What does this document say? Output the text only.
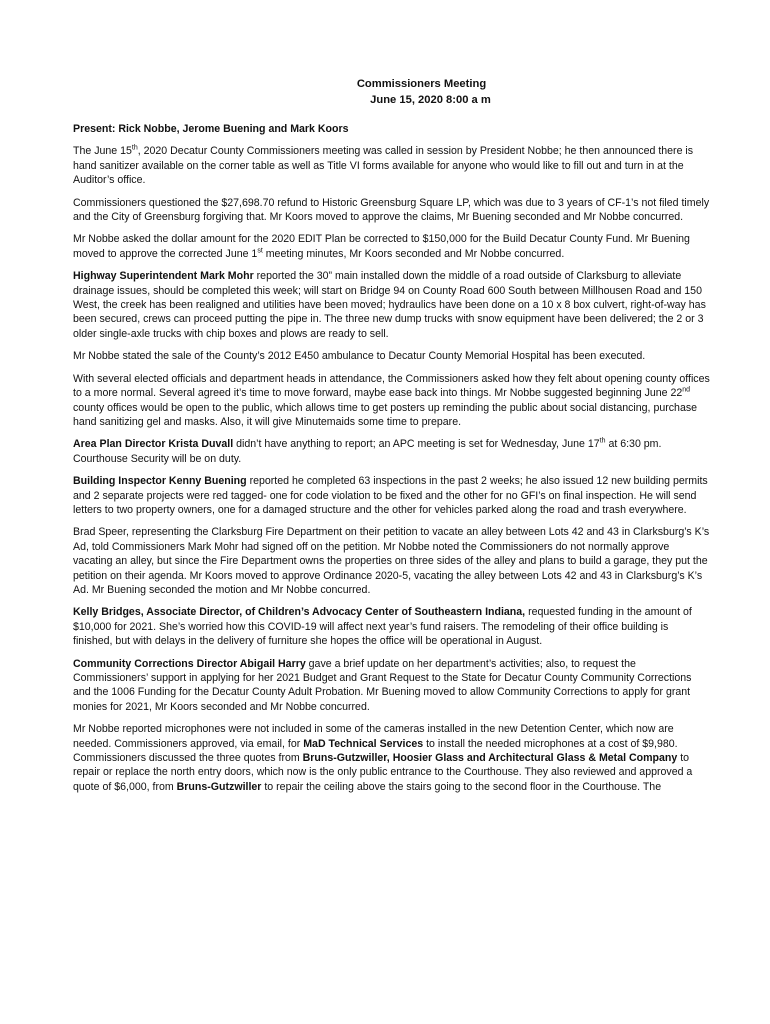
Commissioners Meeting
June 15, 2020 8:00 a m

Present: Rick Nobbe, Jerome Buening and Mark Koors

The June 15th, 2020 Decatur County Commissioners meeting was called in session by President Nobbe; he then announced there is hand sanitizer available on the corner table as well as Title VI forms available for anyone who would like to fill out and turn in at the Auditor’s office.

Commissioners questioned the $27,698.70 refund to Historic Greensburg Square LP, which was due to 3 years of CF-1’s not filed timely and the City of Greensburg forgiving that. Mr Koors moved to approve the claims, Mr Buening seconded and Mr Nobbe concurred.

Mr Nobbe asked the dollar amount for the 2020 EDIT Plan be corrected to $150,000 for the Build Decatur County Fund. Mr Buening moved to approve the corrected June 1st meeting minutes, Mr Koors seconded and Mr Nobbe concurred.

Highway Superintendent Mark Mohr reported the 30” main installed down the middle of a road outside of Clarksburg to alleviate drainage issues, should be completed this week; will start on Bridge 94 on County Road 600 South between Millhousen Road and 150 West, the creek has been realigned and utilities have been moved; hydraulics have been done on a 10 x 8 box culvert, right-of-way has been secured, crews can proceed putting the pipe in. The three new dump trucks with snow equipment have been delivered; the 2 or 3 older single-axle trucks with chip boxes and plows are ready to sell.

Mr Nobbe stated the sale of the County’s 2012 E450 ambulance to Decatur County Memorial Hospital has been executed.

With several elected officials and department heads in attendance, the Commissioners asked how they felt about opening county offices to a more normal. Several agreed it’s time to move forward, maybe ease back into things. Mr Nobbe suggested beginning June 22nd county offices would be open to the public, which allows time to get posters up reminding the public about social distancing, purchase hand sanitizing gel and masks. Also, it will give Minutemaids some time to prepare.

Area Plan Director Krista Duvall didn’t have anything to report; an APC meeting is set for Wednesday, June 17th at 6:30 pm. Courthouse Security will be on duty.

Building Inspector Kenny Buening reported he completed 63 inspections in the past 2 weeks; he also issued 12 new building permits and 2 separate projects were red tagged- one for code violation to be fixed and the other for no GFI’s on final inspection. He will send letters to two property owners, one for a damaged structure and the other for vehicles parked along the road and trash everywhere.

Brad Speer, representing the Clarksburg Fire Department on their petition to vacate an alley between Lots 42 and 43 in Clarksburg’s K’s Ad, told Commissioners Mark Mohr had signed off on the petition. Mr Nobbe noted the Commissioners do not normally approve vacating an alley, but since the Fire Department owns the properties on three sides of the alley and plans to build a garage, they put the petition on their agenda. Mr Koors moved to approve Ordinance 2020-5, vacating the alley between Lots 42 and 43 in Clarksburg’s K’s Ad. Mr Buening seconded the motion and Mr Nobbe concurred.

Kelly Bridges, Associate Director, of Children’s Advocacy Center of Southeastern Indiana, requested funding in the amount of $10,000 for 2021. She’s worried how this COVID-19 will affect next year’s fund raisers. The remodeling of their office building is finished, but with delays in the delivery of furniture she hopes the office will be operational in August.

Community Corrections Director Abigail Harry gave a brief update on her department’s activities; also, to request the Commissioners’ support in applying for her 2021 Budget and Grant Request to the State for Decatur County Community Corrections and the 1006 Funding for the Decatur County Adult Probation. Mr Buening moved to allow Community Corrections to apply for grant monies for 2021, Mr Koors seconded and Mr Nobbe concurred.

Mr Nobbe reported microphones were not included in some of the cameras installed in the new Detention Center, which now are needed. Commissioners approved, via email, for MaD Technical Services to install the needed microphones at a cost of $9,980. Commissioners discussed the three quotes from Bruns-Gutzwiller, Hoosier Glass and Architectural Glass & Metal Company to repair or replace the north entry doors, which now is the only public entrance to the Courthouse. They also reviewed and approved a quote of $6,000, from Bruns-Gutzwiller to repair the ceiling above the stairs going to the second floor in the Courthouse. The
